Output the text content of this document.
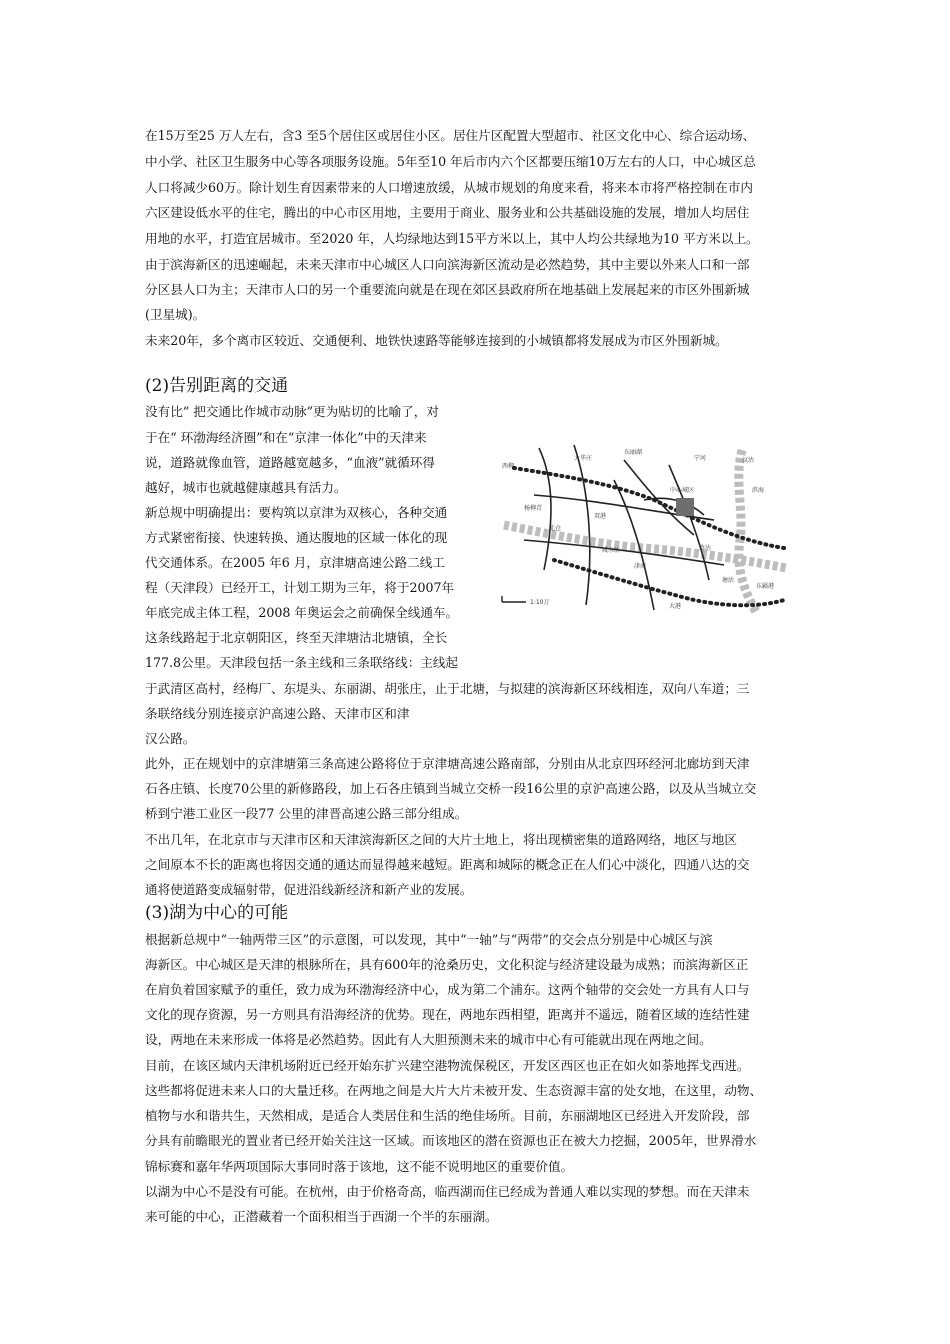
在15万至25 万人左右，含3 至5个居住区或居住小区。居住片区配置大型超市、社区文化中心、综合运动场、
中小学、社区卫生服务中心等各项服务设施。5年至10 年后市内六个区都要压缩10万左右的人口，中心城区总
人口将减少60万。除计划生育因素带来的人口增速放缓，从城市规划的角度来看，将来本市将严格控制在市内
六区建设低水平的住宅，腾出的中心市区用地，主要用于商业、服务业和公共基础设施的发展，增加人均居住
用地的水平，打造宜居城市。至2020 年，人均绿地达到15平方米以上，其中人均公共绿地为10 平方米以上。
由于滨海新区的迅速崛起，未来天津市中心城区人口向滨海新区流动是必然趋势，其中主要以外来人口和一部
分区县人口为主；天津市人口的另一个重要流向就是在现在郊区县政府所在地基础上发展起来的市区外围新城
(卫星城)。
未来20年，多个离市区较近、交通便利、地铁快速路等能够连接到的小城镇都将发展成为市区外围新城。
(2)告别距离的交通
没有比“ 把交通比作城市动脉”更为贴切的比喻了，对
于在“ 环渤海经济圈”和在“京津一体化”中的天津来
说，道路就像血管，道路越宽越多，“血液”就循环得
越好，城市也就越健康越具有活力。
新总规中明确提出：要构筑以京津为双核心，各种交通
方式紧密衔接、快速转换、通达腹地的区域一体化的现
代交通体系。在2005 年6 月，京津塘高速公路二线工
程（天津段）已经开工，计划工期为三年，将于2007年
年底完成主体工程，2008 年奥运会之前确保全线通车。
这条线路起于北京朝阳区，终至天津塘沽北塘镇，全长
177.8公里。天津段包括一条主线和三条联络线：主线起
于武清区高村，经梅厂、东堤头、东丽湖、胡张庄，止于北塘，与拟建的滨海新区环线相连，双向八车道；三
条联络线分别连接京沪高速公路、天津市区和津
汉公路。
此外，正在规划中的京津塘第三条高速公路将位于京津塘高速公路南部，分别由从北京四环经河北廊坊到天津
石各庄镇、长度70公里的新修路段，加上石各庄镇到当城立交桥一段16公里的京沪高速公路，以及从当城立交
桥到宁港工业区一段77 公里的津晋高速公路三部分组成。
不出几年，在北京市与天津市区和天津滨海新区之间的大片土地上，将出现横密集的道路网络，地区与地区
之间原本不长的距离也将因交通的通达而显得越来越短。距离和城际的概念正在人们心中淡化，四通八达的交
通将使道路变成辐射带，促进沿线新经济和新产业的发展。
(3)湖为中心的可能
根据新总规中“一轴两带三区”的示意图，可以发现，其中“一轴”与“两带”的交会点分别是中心城区与滨
海新区。中心城区是天津的根脉所在，具有600年的沧桑历史，文化积淀与经济建设最为成熟；而滨海新区正
在肩负着国家赋予的重任，致力成为环渤海经济中心，成为第二个浦东。这两个轴带的交会处一方具有人口与
文化的现存资源，另一方则具有沿海经济的优势。现在，两地东西相望，距离并不遥远，随着区域的连结性建
设，两地在未来形成一体将是必然趋势。因此有人大胆预测未来的城市中心有可能就出现在两地之间。
目前，在该区域内天津机场附近已经开始东扩兴建空港物流保税区，开发区西区也正在如火如荼地挥戈西进。
这些都将促进未来人口的大量迁移。在两地之间是大片大片未被开发、生态资源丰富的处女地，在这里，动物、
植物与水和谐共生，天然相成，是适合人类居住和生活的绝佳场所。目前，东丽湖地区已经进入开发阶段，部
分具有前瞻眼光的置业者已经开始关注这一区域。而该地区的潜在资源也正在被大力挖掘，2005年，世界滑水
锦标赛和嘉年华两项国际大事同时落于该地，这不能不说明地区的重要价值。
以湖为中心不是没有可能。在杭州，由于价格奇高，临西湖而住已经成为普通人难以实现的梦想。而在天津未
来可能的中心，正潜藏着一个面积相当于西湖一个半的东丽湖。
西柳
大毕庄
杨柳青
东丽湖
中心城区	滨海
津南
塘沽
宁河	汉沽
东疆港
大港
双港
咸水沽
北仓
葛沽
1:10万
